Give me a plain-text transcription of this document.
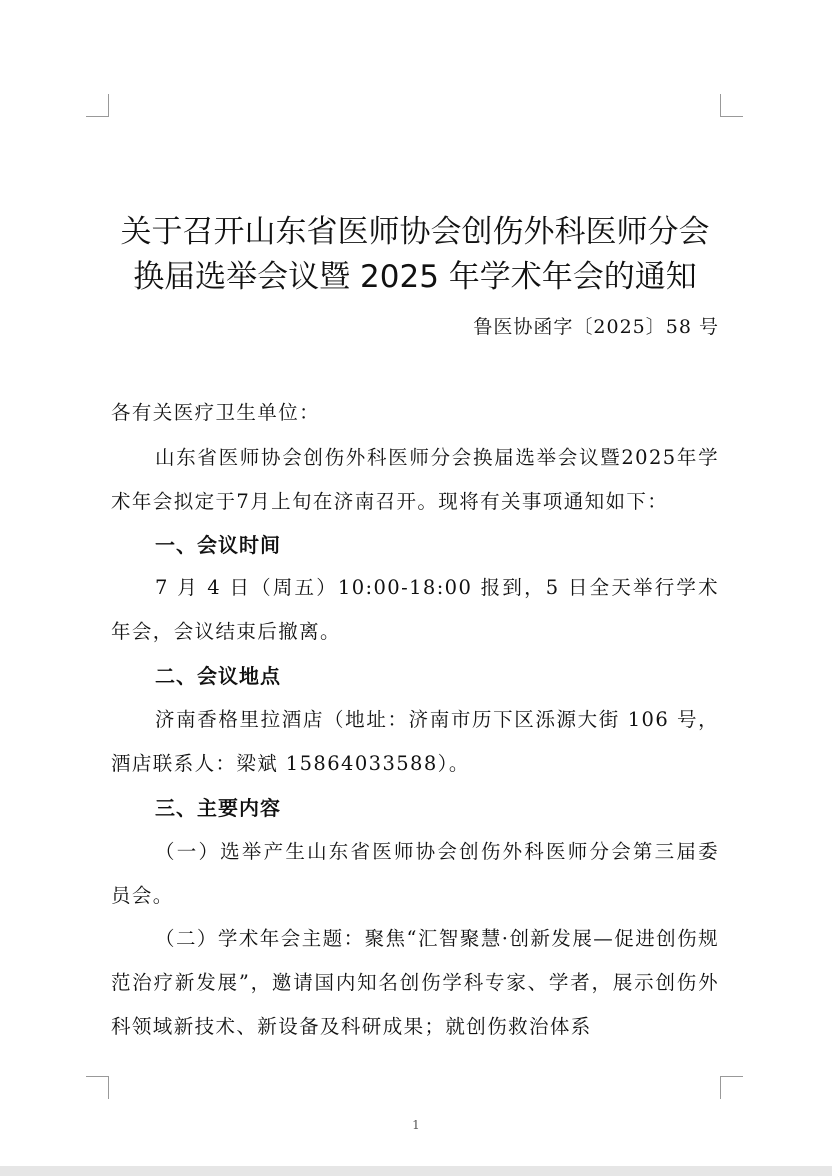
关于召开山东省医师协会创伤外科医师分会
换届选举会议暨 2025 年学术年会的通知
鲁医协函字〔2025〕58 号
各有关医疗卫生单位：
山东省医师协会创伤外科医师分会换届选举会议暨2025年学术年会拟定于7月上旬在济南召开。现将有关事项通知如下：
一、会议时间
7 月 4 日（周五）10:00-18:00 报到，5 日全天举行学术年会，会议结束后撤离。
二、会议地点
济南香格里拉酒店（地址：济南市历下区泺源大街 106 号，酒店联系人：梁斌 15864033588）。
三、主要内容
（一）选举产生山东省医师协会创伤外科医师分会第三届委员会。
（二）学术年会主题：聚焦“汇智聚慧·创新发展—促进创伤规范治疗新发展”，邀请国内知名创伤学科专家、学者，展示创伤外科领域新技术、新设备及科研成果；就创伤救治体系
1
